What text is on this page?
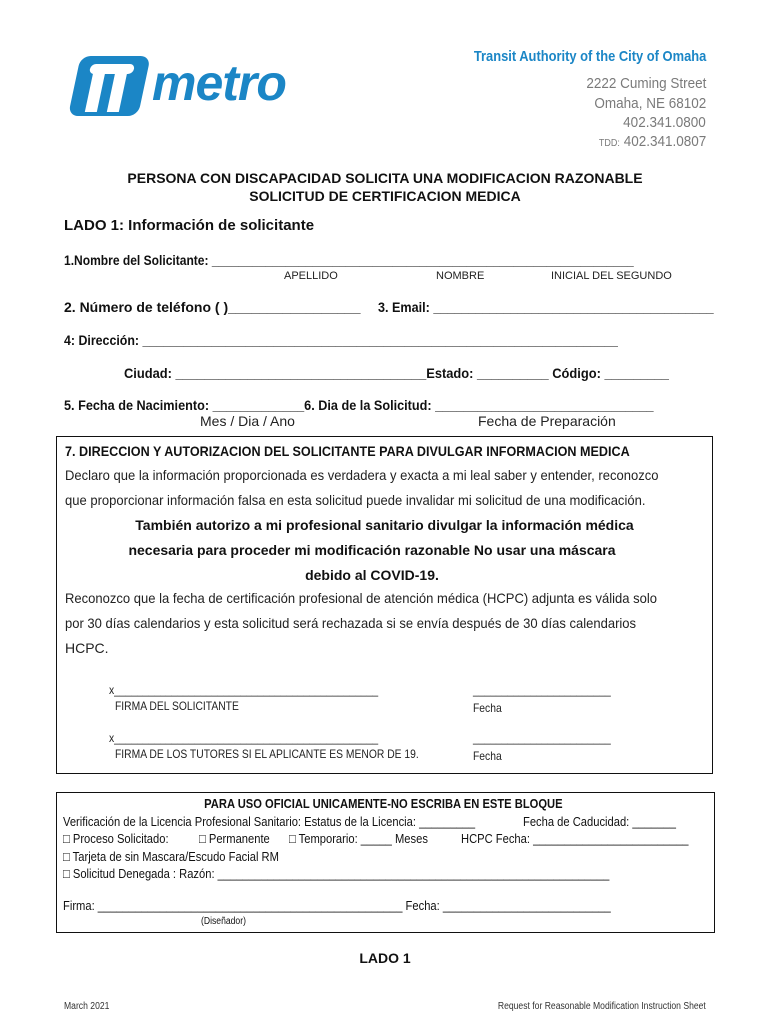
metro	Transit Authority of the City of Omaha
2222 Cuming Street
Omaha, NE 68102
402.341.0800
TDD: 402.341.0807
PERSONA CON DISCAPACIDAD SOLICITA UNA MODIFICACION RAZONABLE
SOLICITUD DE CERTIFICACION MEDICA
LADO 1: Información de solicitante
1.Nombre del Solicitante: _______________________________________________________________
APELLIDO	NOMBRE	INICIAL DEL SEGUNDO
2. Número de teléfono ( )_________________ 3. Email: ________________________________________
4: Dirección: _____________________________________________________________________
Ciudad: ___________________________________Estado: __________ Código: _________
5. Fecha de Nacimiento: _____________6. Dia de la Solicitud: _______________________________
Mes / Dia / Ano	Fecha de Preparación
7. DIRECCION Y AUTORIZACION DEL SOLICITANTE PARA DIVULGAR INFORMACION MEDICA
Declaro que la información proporcionada es verdadera y exacta a mi leal saber y entender, reconozco
que proporcionar información falsa en esta solicitud puede invalidar mi solicitud de una modificación.
También autorizo a mi profesional sanitario divulgar la información médica
necesaria para proceder mi modificación razonable No usar una máscara
debido al COVID-19.
Reconozco que la fecha de certificación profesional de atención médica (HCPC) adjunta es válida solo
por 30 días calendarios y esta solicitud será rechazada si se envía después de 30 días calendarios
HCPC.
x______________________________________________
FIRMA DEL SOLICITANTE
________________________
Fecha
x______________________________________________
FIRMA DE LOS TUTORES SI EL APLICANTE ES MENOR DE 19.
________________________
Fecha
PARA USO OFICIAL UNICAMENTE-NO ESCRIBA EN ESTE BLOQUE
Verificación de la Licencia Profesional Sanitario: Estatus de la Licencia: _________	Fecha de Caducidad: _______
□ Proceso Solicitado: □ Permanente □ Temporario: _____ Meses	HCPC Fecha: _________________________
□ Tarjeta de sin Mascara/Escudo Facial RM
□ Solicitud Denegada : Razón: _______________________________________________________________
Firma: _________________________________________________ Fecha: ___________________________
(Diseñador)
LADO 1
March 2021	Request for Reasonable Modification Instruction Sheet
